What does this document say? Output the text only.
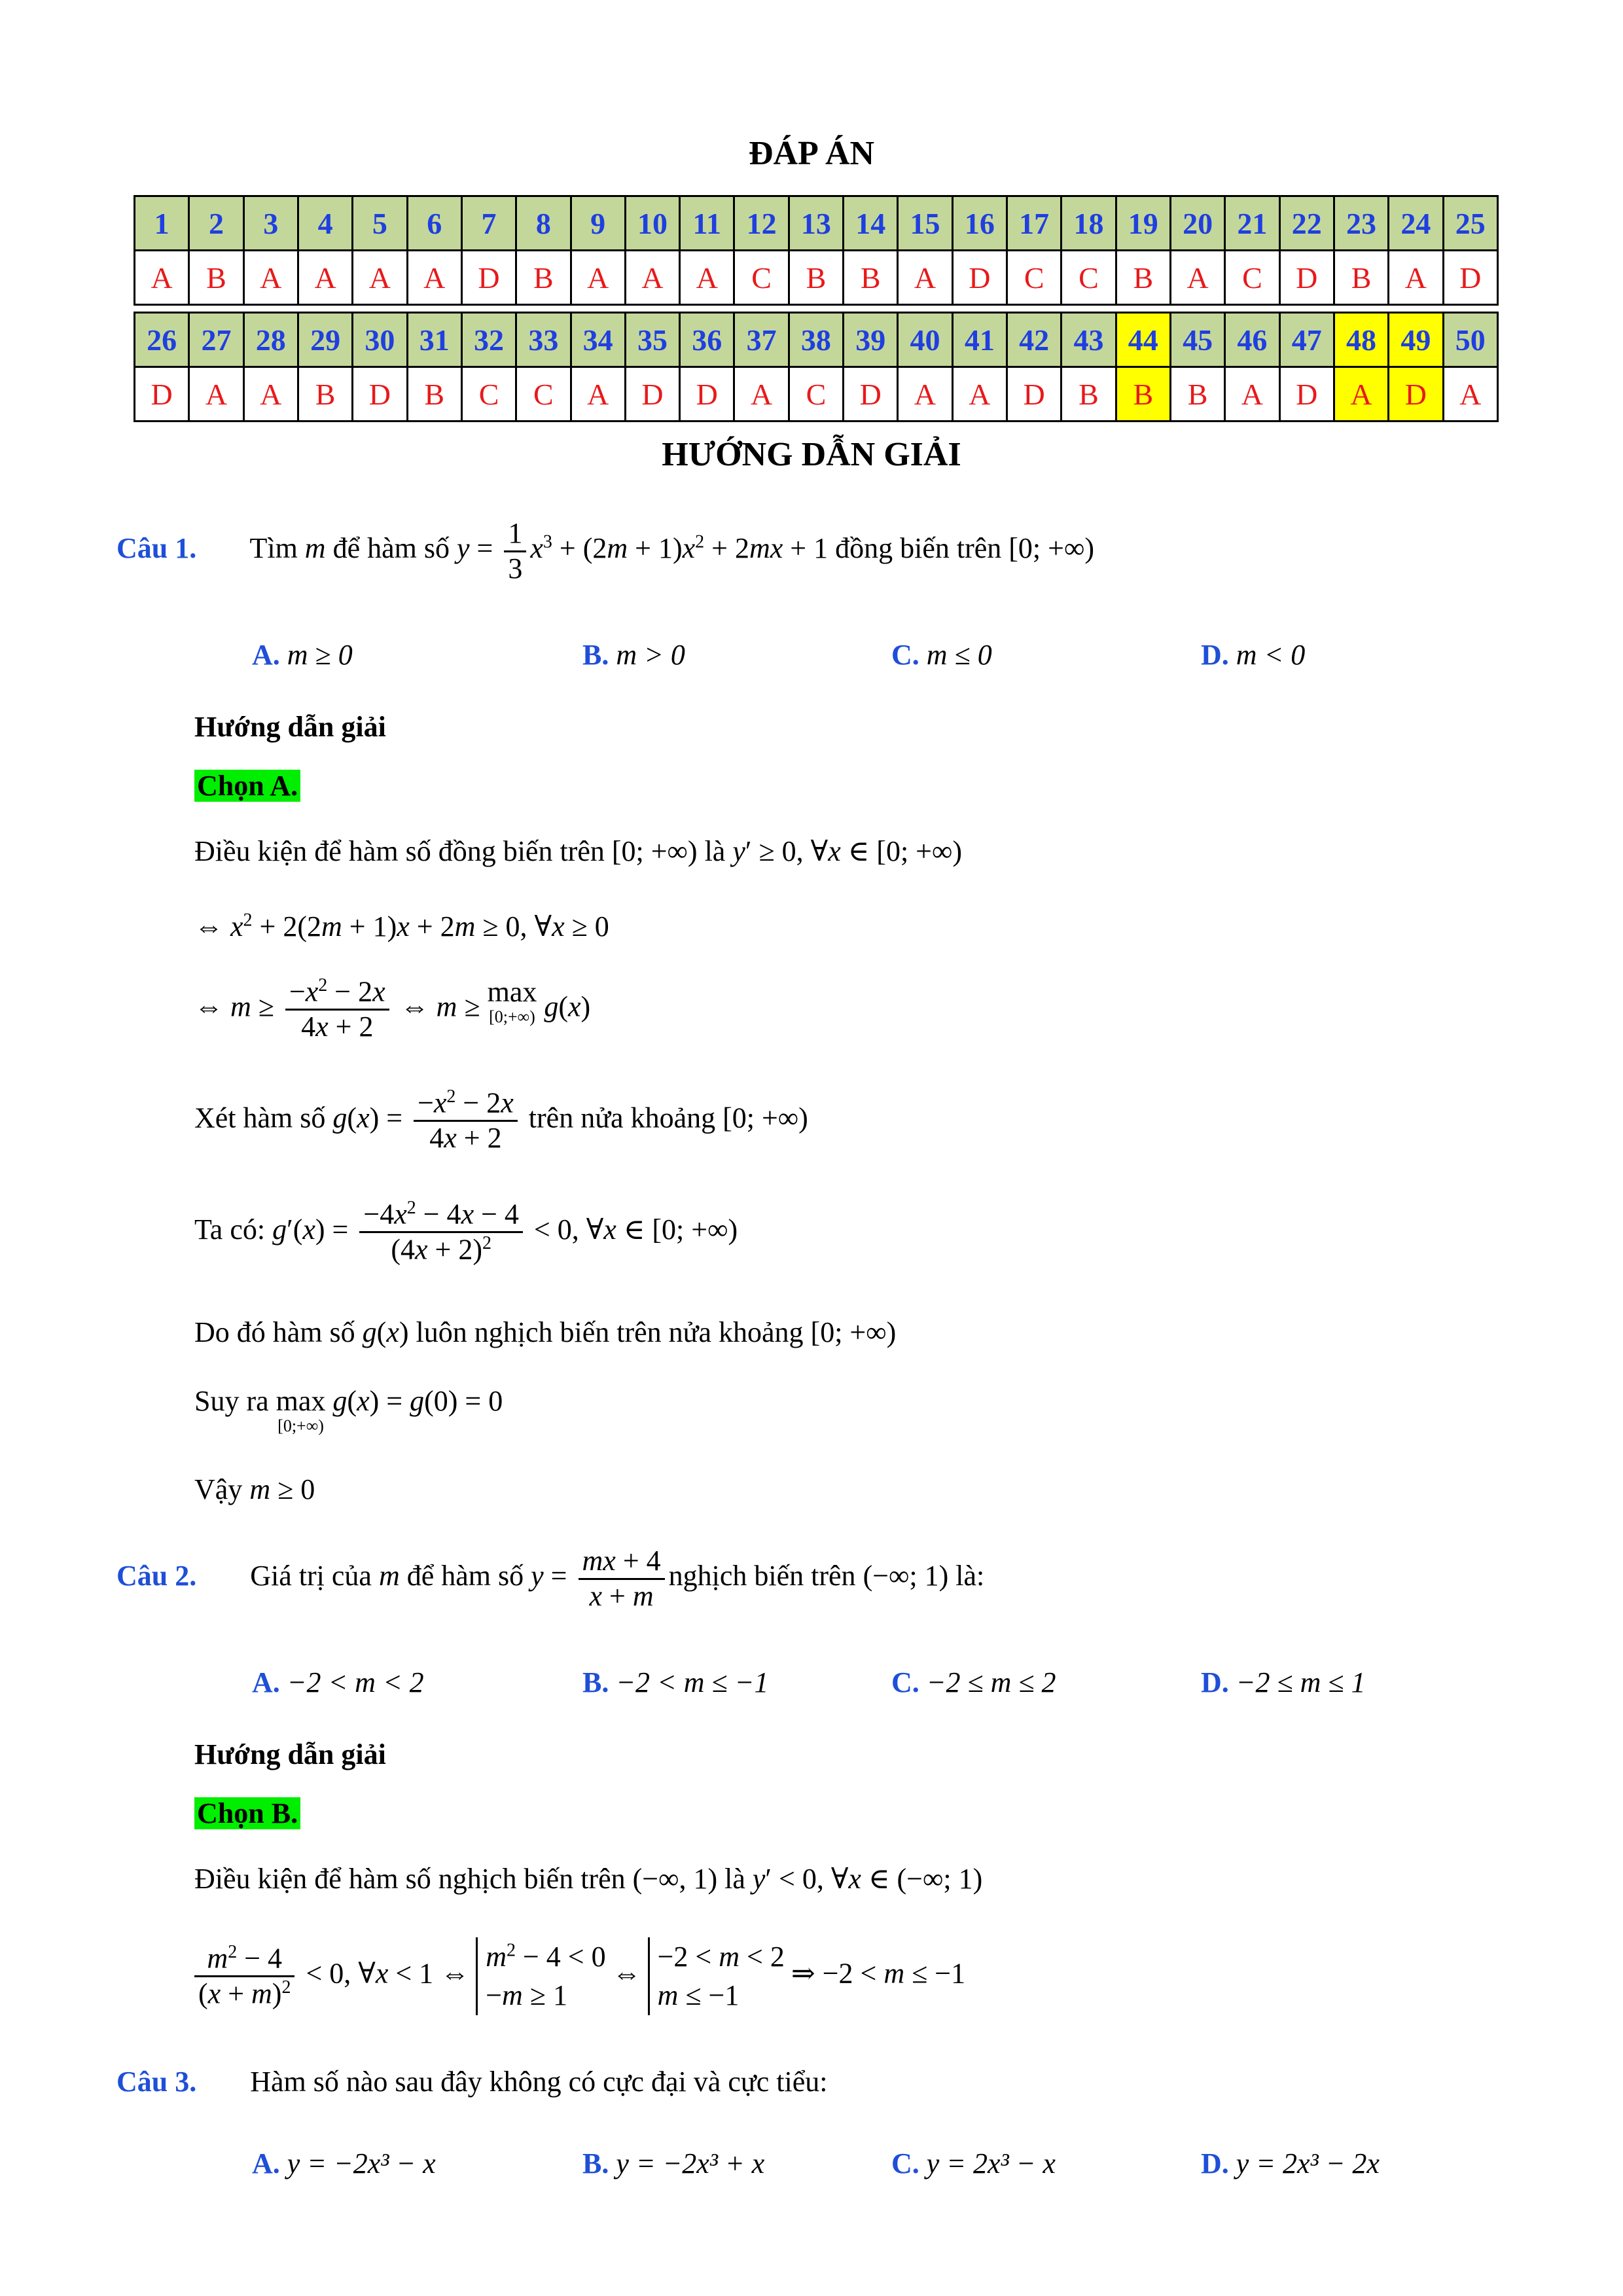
ĐÁP ÁN
1	2	3	4	5	6	7	8	9	10	11	12	13	14	15	16	17	18	19	20	21	22	23	24	25
A	B	A	A	A	A	D	B	A	A	A	C	B	B	A	D	C	C	B	A	C	D	B	A	D
26	27	28	29	30	31	32	33	34	35	36	37	38	39	40	41	42	43	44	45	46	47	48	49	50
D	A	A	B	D	B	C	C	A	D	D	A	C	D	A	A	D	B	B	B	A	D	A	D	A
HƯỚNG DẪN GIẢI
Câu 1. Tìm m để hàm số $y = \frac{1}{3} x^3 + (2m + 1)x^2 + 2mx + 1$ đồng biến trên [0; +∞)
A. m ≥ 0	B. m > 0	C. m ≤ 0	D. m < 0
Hướng dẫn giải
Chọn A.
Điều kiện để hàm số đồng biến trên [0; +∞) là y′ ≥ 0, ∀x ∈ [0; +∞)
⇔ $x^2 + 2(2m + 1)x + 2m \ge 0$, ∀x ≥ 0
⇔ $m \ge \frac{-x^2 - 2x}{4x + 2}$ ⇔ m ≥ max
[0;+∞) g(x)
Xét hàm số $g(x) = \frac{-x^2 - 2x}{4x + 2}$ trên nửa khoảng [0; +∞)
Ta có: $g'(x) = \frac{-4x^2 - 4x - 4}{(4x + 2)^2} < 0$, ∀x ∈ [0; +∞)
Do đó hàm số g(x) luôn nghịch biến trên nửa khoảng [0; +∞)
Suy ra max
[0;+∞)
g(x) = g(0) = 0
Vậy m ≥ 0
Câu 2. Giá trị của m để hàm số $y = \frac{mx + 4}{x + m}$ nghịch biến trên (−∞; 1) là:
A. −2 < m < 2	B. −2 < m ≤ −1	C. −2 ≤ m ≤ 2	D. −2 ≤ m ≤ 1
Hướng dẫn giải
Chọn B.
Điều kiện để hàm số nghịch biến trên (−∞, 1) là y′ < 0, ∀x ∈ (−∞; 1)
$\frac{m^2 - 4}{(x + m)^2} < 0$, ∀x < 1 $\Leftrightarrow m^2 - 4 < 0$
−m ≥ 1⇔−2 < m < 2
m ≤ −1⇒ −2 < m ≤ −1
Câu 3. Hàm số nào sau đây không có cực đại và cực tiểu:
A. y = −2x³ − x	B. y = −2x³ + x	C. y = 2x³ − x	D. y = 2x³ − 2x
